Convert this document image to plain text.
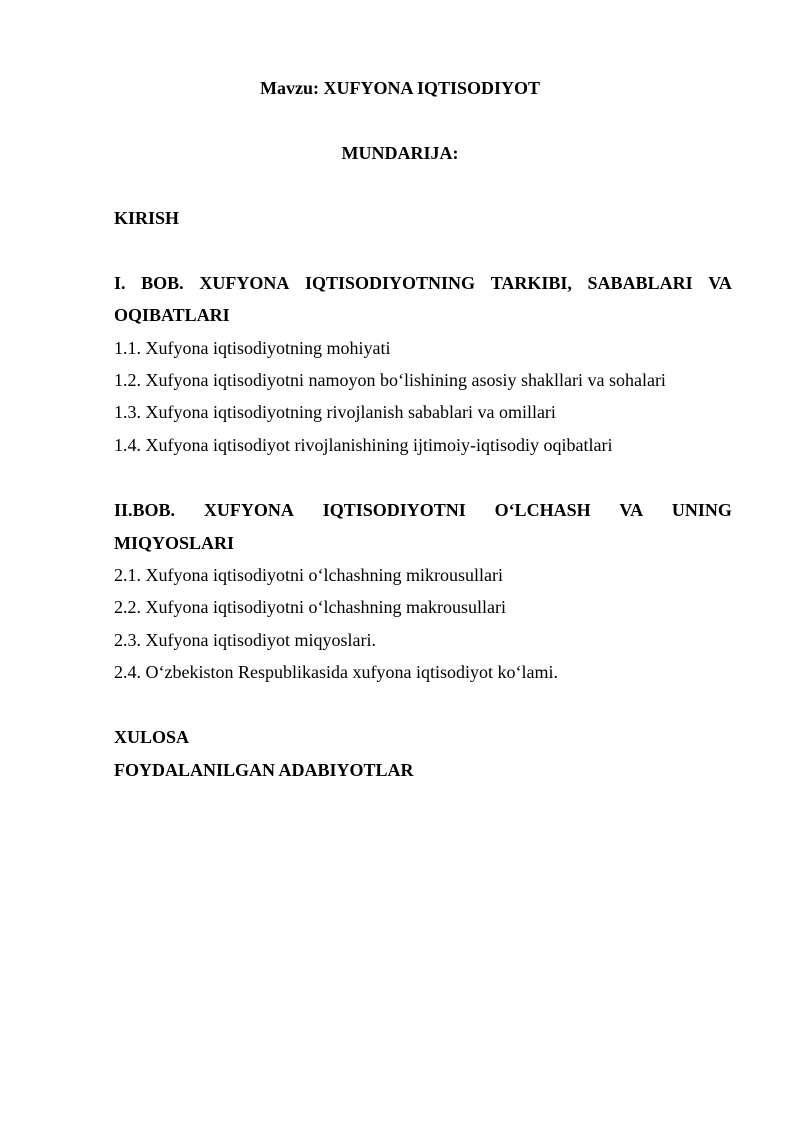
Mavzu: XUFYONA IQTISODIYOT
MUNDARIJA:
KIRISH
I. BOB. XUFYONA IQTISODIYOTNING TARKIBI, SABABLARI VA
OQIBATLARI
1.1. Xufyona iqtisodiyotning mohiyati
1.2. Xufyona iqtisodiyotni namoyon bo‘lishining asosiy shakllari va sohalari
1.3. Xufyona iqtisodiyotning rivojlanish sabablari va omillari
1.4. Xufyona iqtisodiyot rivojlanishining ijtimoiy-iqtisodiy oqibatlari
II.BOB. XUFYONA IQTISODIYOTNI O‘LCHASH VA UNING
MIQYOSLARI
2.1. Xufyona iqtisodiyotni o‘lchashning mikrousullari
2.2. Xufyona iqtisodiyotni o‘lchashning makrousullari
2.3. Xufyona iqtisodiyot miqyoslari.
2.4. O‘zbekiston Respublikasida xufyona iqtisodiyot ko‘lami.
XULOSA
FOYDALANILGAN ADABIYOTLAR
